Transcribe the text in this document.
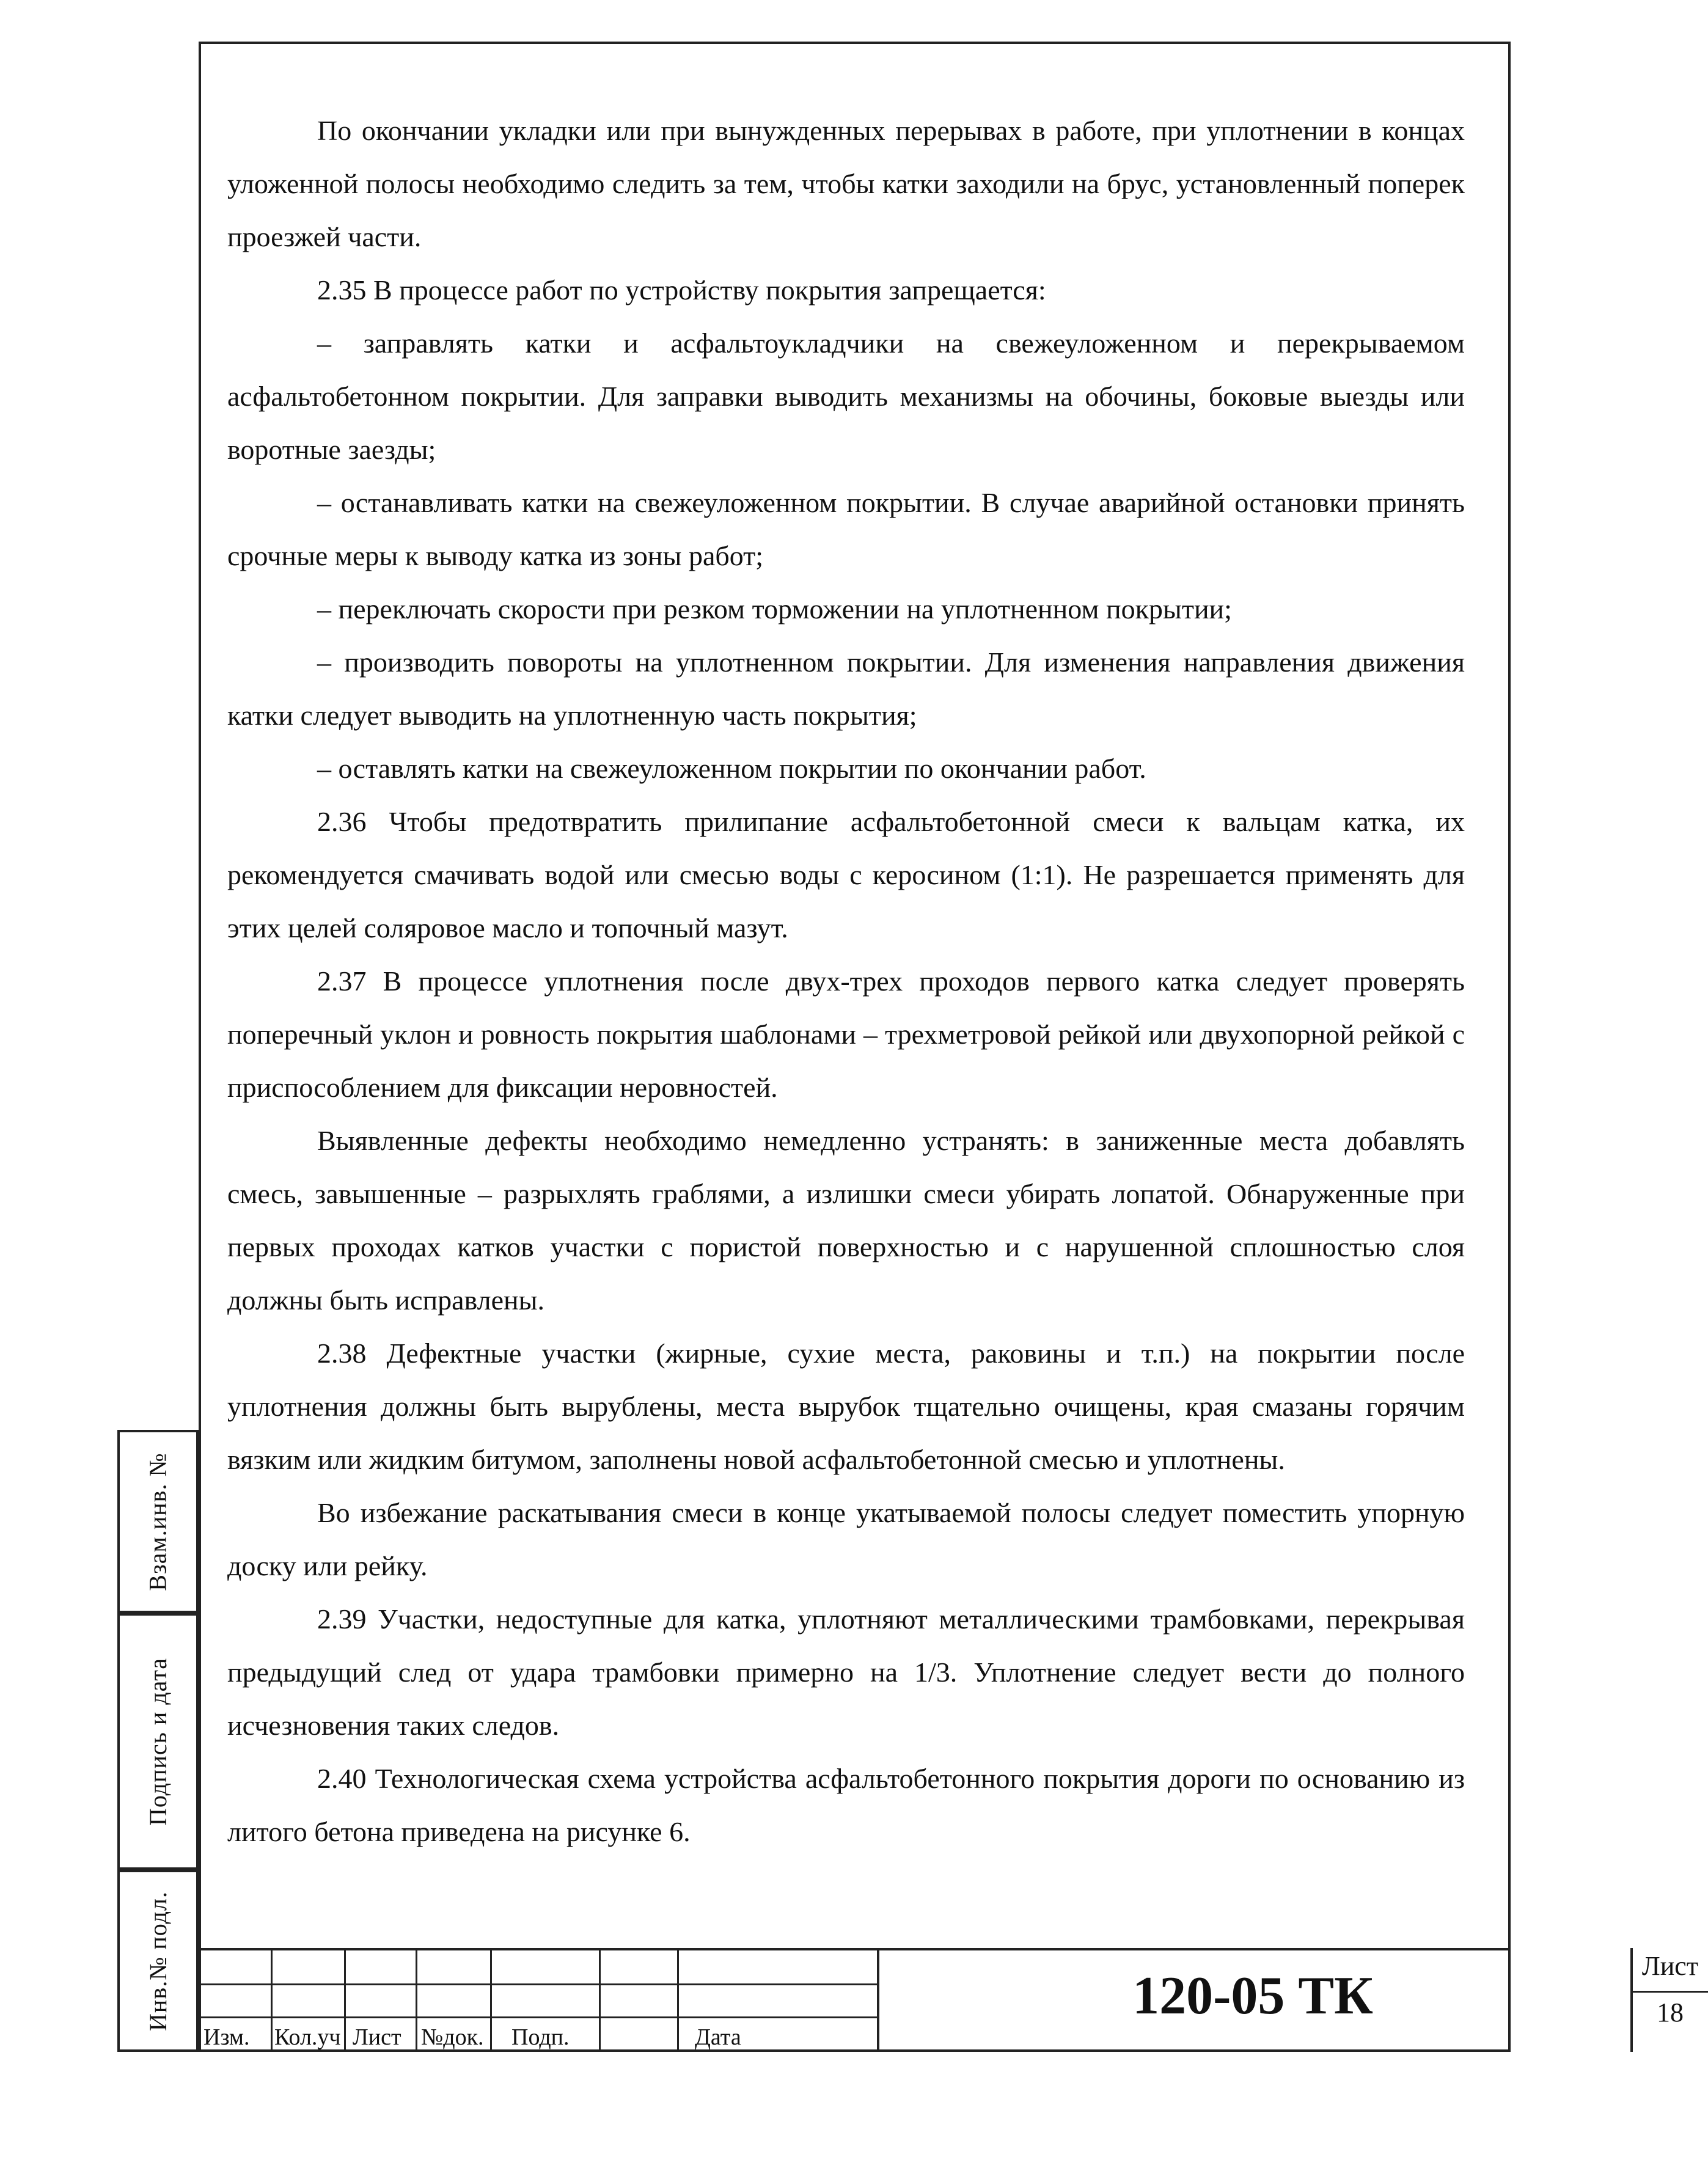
Взам.инв. №
Подпись и дата
Инв.№ подл.

По окончании укладки или при вынужденных перерывах в работе, при уплотнении в концах уложенной полосы необходимо следить за тем, чтобы катки заходили на брус, установленный поперек проезжей части.

2.35 В процессе работ по устройству покрытия запрещается:

– заправлять катки и асфальтоукладчики на свежеуложенном и перекрываемом асфальтобетонном покрытии. Для заправки выводить механизмы на обочины, боковые выезды или воротные заезды;

– останавливать катки на свежеуложенном покрытии. В случае аварийной остановки принять срочные меры к выводу катка из зоны работ;

– переключать скорости при резком торможении на уплотненном покрытии;

– производить повороты на уплотненном покрытии. Для изменения направления движения катки следует выводить на уплотненную часть покрытия;

– оставлять катки на свежеуложенном покрытии по окончании работ.

2.36 Чтобы предотвратить прилипание асфальтобетонной смеси к вальцам катка, их рекомендуется смачивать водой или смесью воды с керосином (1:1). Не разрешается применять для этих целей соляровое масло и топочный мазут.

2.37 В процессе уплотнения после двух-трех проходов первого катка следует проверять поперечный уклон и ровность покрытия шаблонами – трехметровой рейкой или двухопорной рейкой с приспособлением для фиксации неровностей.

Выявленные дефекты необходимо немедленно устранять: в заниженные места добавлять смесь, завышенные – разрыхлять граблями, а излишки смеси убирать лопатой. Обнаруженные при первых проходах катков участки с пористой поверхностью и с нарушенной сплошностью слоя должны быть исправлены.

2.38 Дефектные участки (жирные, сухие места, раковины и т.п.) на покрытии после уплотнения должны быть вырублены, места вырубок тщательно очищены, края смазаны горячим вязким или жидким битумом, заполнены новой асфальтобетонной смесью и уплотнены.

Во избежание раскатывания смеси в конце укатываемой полосы следует поместить упорную доску или рейку.

2.39 Участки, недоступные для катка, уплотняют металлическими трамбовками, перекрывая предыдущий след от удара трамбовки примерно на 1/3. Уплотнение следует вести до полного исчезновения таких следов.

2.40 Технологическая схема устройства асфальтобетонного покрытия дороги по основанию из литого бетона приведена на рисунке 6.

Изм. Кол.уч Лист №док. Подп.	Дата
120-05 ТК
Лист
18
